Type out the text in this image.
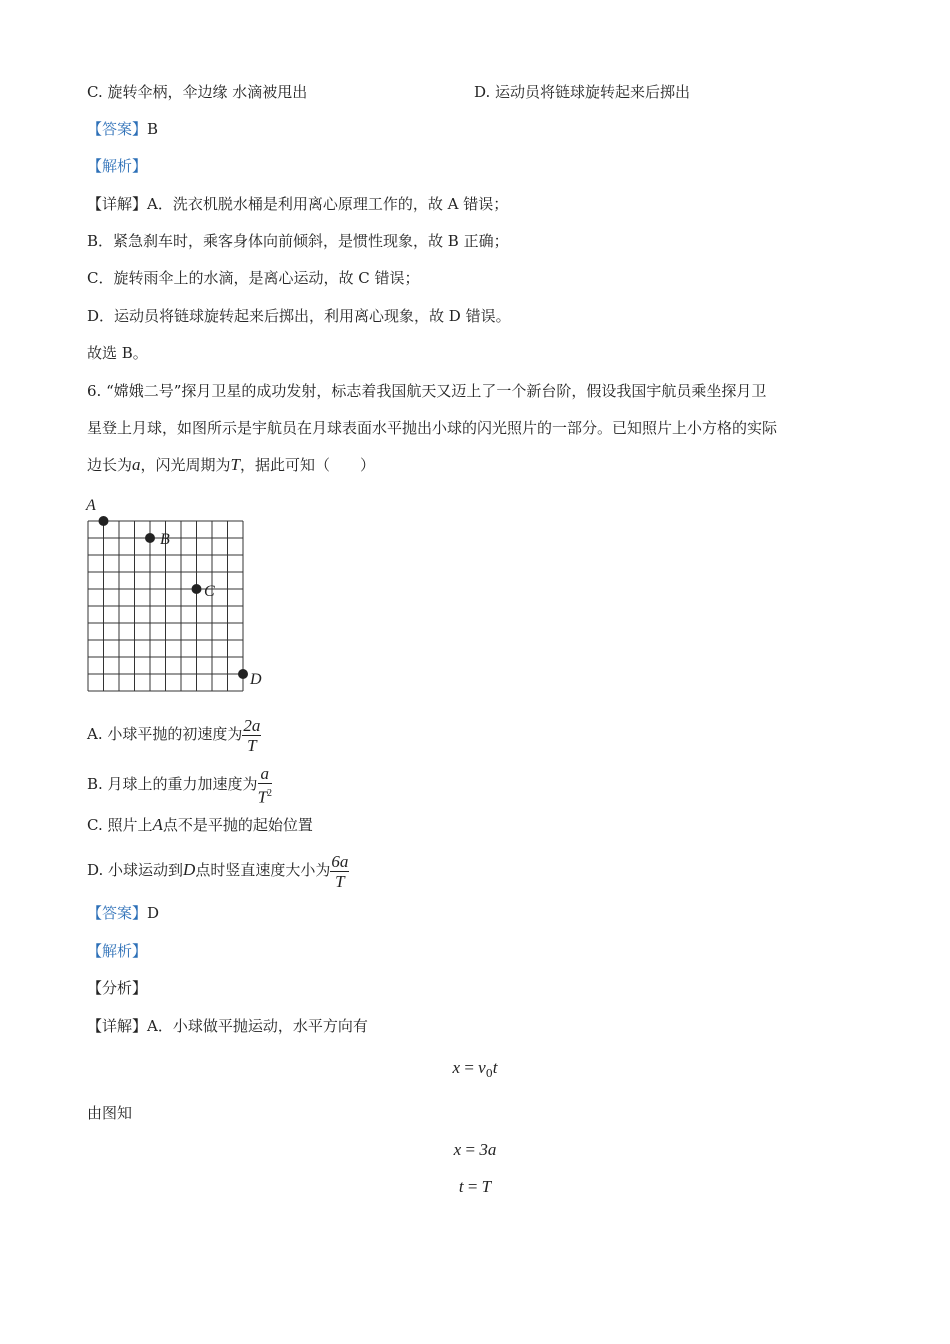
C. 旋转伞柄，伞边缘 水滴被甩出	D. 运动员将链球旋转起来后掷出
【答案】B
【解析】
【详解】A．洗衣机脱水桶是利用离心原理工作的，故 A 错误；
B．紧急刹车时，乘客身体向前倾斜，是惯性现象，故 B 正确；
C．旋转雨伞上的水滴，是离心运动，故 C 错误；
D．运动员将链球旋转起来后掷出，利用离心现象，故 D 错误。
故选 B。
6. “嫦娥二号”探月卫星的成功发射，标志着我国航天又迈上了一个新台阶，假设我国宇航员乘坐探月卫
星登上月球，如图所示是宇航员在月球表面水平抛出小球的闪光照片的一部分。已知照片上小方格的实际
边长为a，闪光周期为T，据此可知（　　）
A
B
C
D
A. 小球平抛的初速度为 $\frac{2a}{T}$
B. 月球上的重力加速度为 $\frac{a}{T^2}$
C. 照片上A点不是平抛的起始位置
D. 小球运动到D点时竖直速度大小为 $\frac{6a}{T}$
【答案】D
【解析】
【分析】
【详解】A．小球做平抛运动，水平方向有
$x = v_0t$
由图知
x = 3a
t = T
